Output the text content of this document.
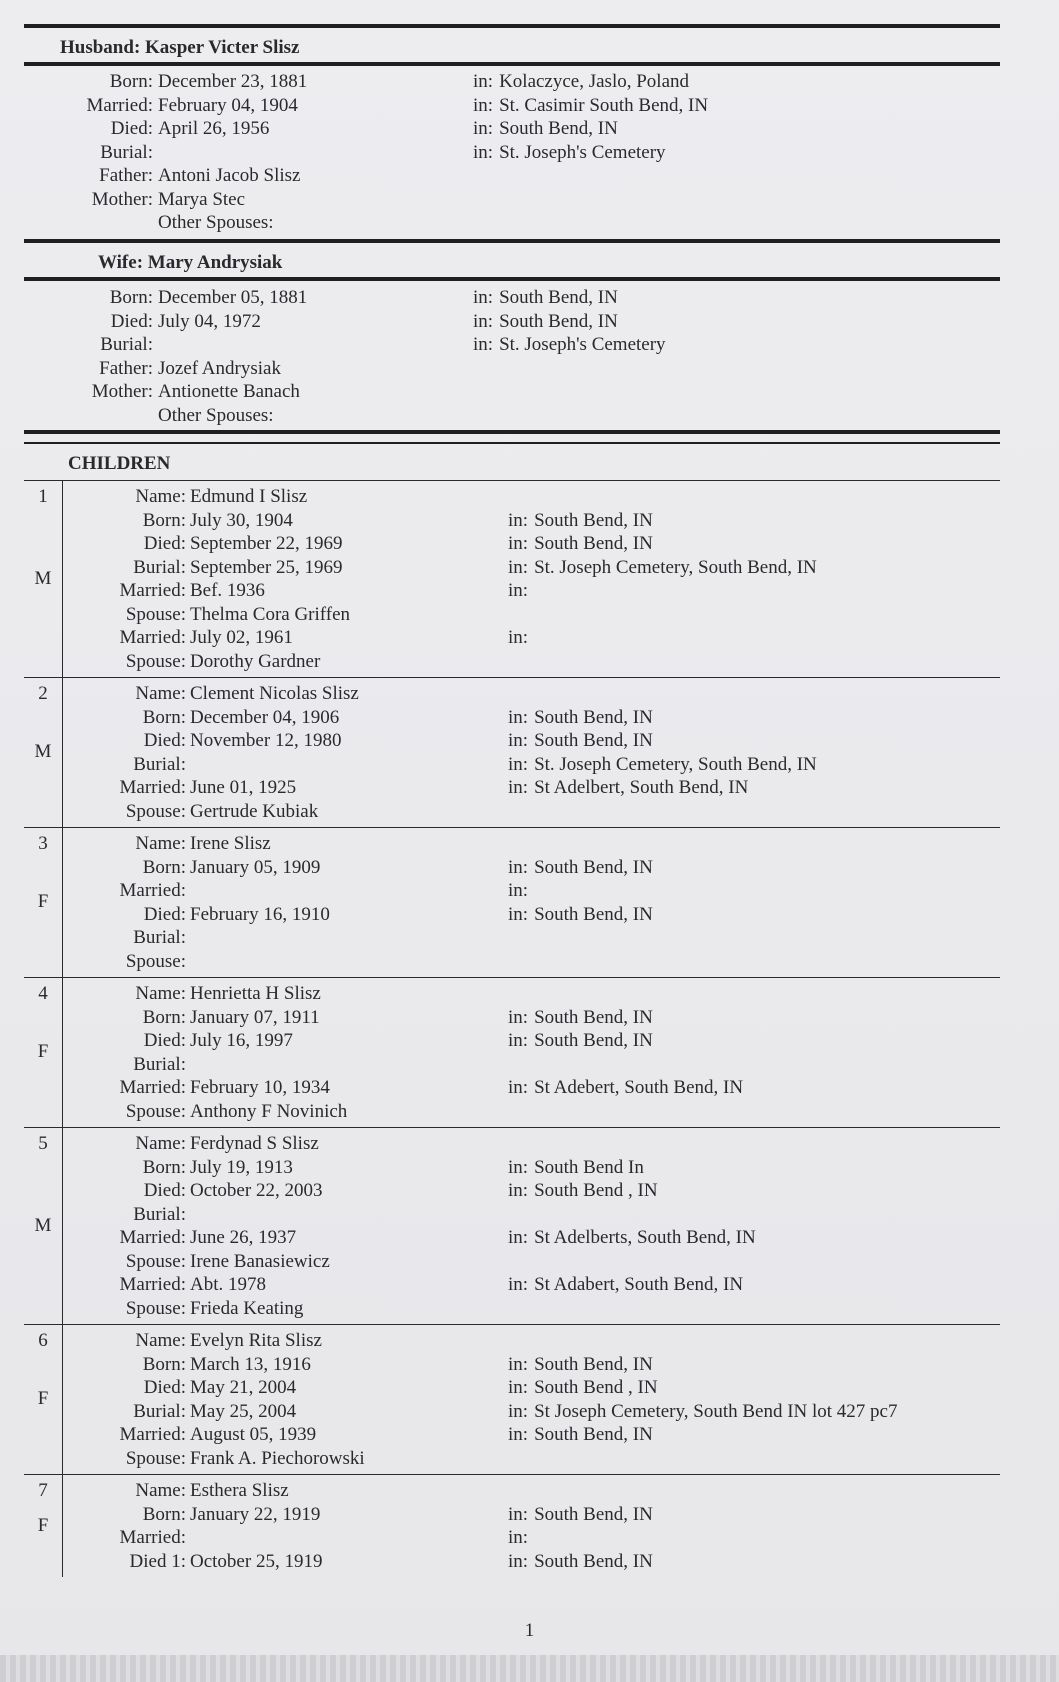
Husband: Kasper Victer Slisz
Born: December 23, 1881	in: Kolaczyce, Jaslo, Poland
Married: February 04, 1904	in: St. Casimir South Bend, IN
Died: April 26, 1956	in: South Bend, IN
Burial:	in: St. Joseph's Cemetery
Father: Antoni Jacob Slisz
Mother: Marya Stec
Other Spouses:
Wife: Mary Andrysiak
Born: December 05, 1881	in: South Bend, IN
Died: July 04, 1972	in: South Bend, IN
Burial:	in: St. Joseph's Cemetery
Father: Jozef Andrysiak
Mother: Antionette Banach
Other Spouses:
CHILDREN
1
M
Name: Edmund I Slisz
Born: July 30, 1904	in: South Bend, IN
Died: September 22, 1969	in: South Bend, IN
Burial: September 25, 1969	in: St. Joseph Cemetery, South Bend, IN
Married: Bef. 1936	in:
Spouse: Thelma Cora Griffen
Married: July 02, 1961	in:
Spouse: Dorothy Gardner
2
M
Name: Clement Nicolas Slisz
Born: December 04, 1906	in: South Bend, IN
Died: November 12, 1980	in: South Bend, IN
Burial:	in: St. Joseph Cemetery, South Bend, IN
Married: June 01, 1925	in: St Adelbert, South Bend, IN
Spouse: Gertrude Kubiak
3
F
Name: Irene Slisz
Born: January 05, 1909	in: South Bend, IN
Married:	in:
Died: February 16, 1910	in: South Bend, IN
Burial:
Spouse:
4
F
Name: Henrietta H Slisz
Born: January 07, 1911	in: South Bend, IN
Died: July 16, 1997	in: South Bend, IN
Burial:
Married: February 10, 1934	in: St Adebert, South Bend, IN
Spouse: Anthony F Novinich
5
M
Name: Ferdynad S Slisz
Born: July 19, 1913	in: South Bend In
Died: October 22, 2003	in: South Bend , IN
Burial:
Married: June 26, 1937	in: St Adelberts, South Bend, IN
Spouse: Irene Banasiewicz
Married: Abt. 1978	in: St Adabert, South Bend, IN
Spouse: Frieda Keating
6
F
Name: Evelyn Rita Slisz
Born: March 13, 1916	in: South Bend, IN
Died: May 21, 2004	in: South Bend , IN
Burial: May 25, 2004	in: St Joseph Cemetery, South Bend IN lot 427 pc7
Married: August 05, 1939	in: South Bend, IN
Spouse: Frank A. Piechorowski
7
F
Name: Esthera Slisz
Born: January 22, 1919	in: South Bend, IN
Married:	in:
Died 1: October 25, 1919	in: South Bend, IN
1
